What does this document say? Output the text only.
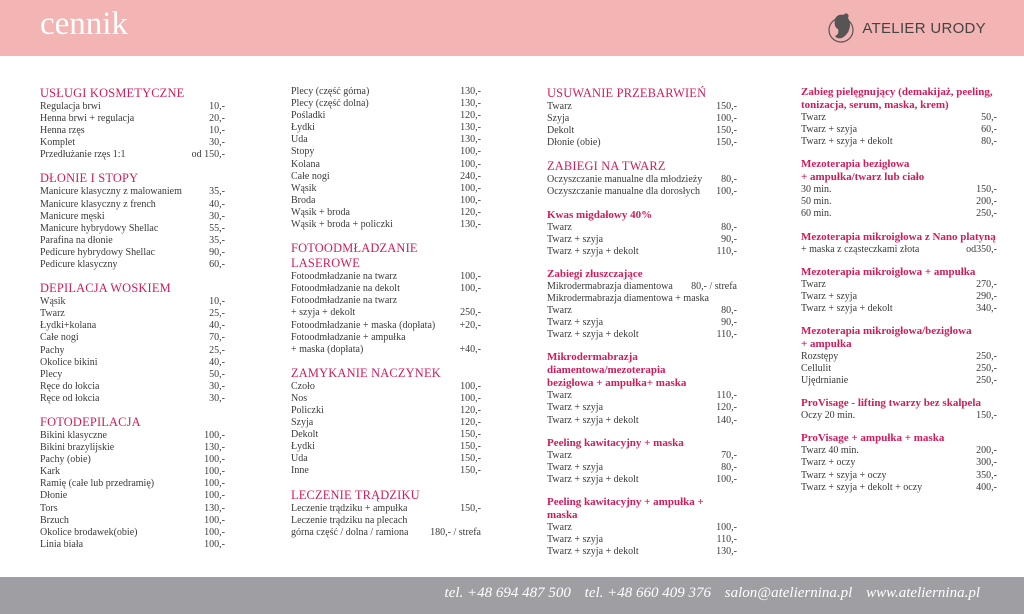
cennik	ATELIER URODY
USŁUGI KOSMETYCZNE
Regulacja brwi	10,-
Henna brwi + regulacja	20,-
Henna rzęs	10,-
Komplet	30,-
Przedłużanie rzęs 1:1	od 150,-
DŁONIE I STOPY
Manicure klasyczny z malowaniem	35,-
Manicure klasyczny z french	40,-
Manicure męski	30,-
Manicure hybrydowy Shellac	55,-
Parafina na dłonie	35,-
Pedicure hybrydowy Shellac	90,-
Pedicure klasyczny	60,-
DEPILACJA WOSKIEM
Wąsik	10,-
Twarz	25,-
Łydki+kolana	40,-
Całe nogi	70,-
Pachy	25,-
Okolice bikini	40,-
Plecy	50,-
Ręce do łokcia	30,-
Ręce od łokcia	30,-
FOTODEPILACJA
Bikini klasyczne	100,-
Bikini brazylijskie	130,-
Pachy (obie)	100,-
Kark	100,-
Ramię (całe lub przedramię)	100,-
Dłonie	100,-
Tors	130,-
Brzuch	100,-
Okolice brodawek(obie)	100,-
Linia biała	100,-
Plecy (część górna)	130,-
Plecy (część dolna)	130,-
Pośladki	120,-
Łydki	130,-
Uda	130,-
Stopy	100,-
Kolana	100,-
Całe nogi	240,-
Wąsik	100,-
Broda	100,-
Wąsik + broda	120,-
Wąsik + broda + policzki	130,-
FOTOODMŁADZANIE LASEROWE
Fotoodmładzanie na twarz	100,-
Fotoodmładzanie na dekolt	100,-
Fotoodmładzanie na twarz
+ szyja + dekolt	250,-
Fotoodmładzanie + maska (dopłata) +20,-
Fotoodmładzanie + ampułka
+ maska (dopłata)	+40,-
ZAMYKANIE NACZYNEK
Czoło	100,-
Nos	100,-
Policzki	120,-
Szyja	120,-
Dekolt	150,-
Łydki	150,-
Uda	150,-
Inne	150,-
LECZENIE TRĄDZIKU
Leczenie trądziku + ampułka	150,-
Leczenie trądziku na plecach
górna część / dolna / ramiona 180,- / strefa
USUWANIE PRZEBARWIEŃ
Twarz	150,-
Szyja	100,-
Dekolt	150,-
Dłonie (obie)	150,-
ZABIEGI NA TWARZ
Oczyszczanie manualne dla młodzieży 80,-
Oczyszczanie manualne dla dorosłych 100,-
Kwas migdałowy 40%
Twarz	80,-
Twarz + szyja	90,-
Twarz + szyja + dekolt	110,-
Zabiegi złuszczające
Mikrodermabrazja diamentowa 80,- / strefa
Mikrodermabrazja diamentowa + maska
Twarz	80,-
Twarz + szyja	90,-
Twarz + szyja + dekolt	110,-
Mikrodermabrazja
diamentowa/mezoterapia
bezigłowa + ampułka+ maska
Twarz	110,-
Twarz + szyja	120,-
Twarz + szyja + dekolt	140,-
Peeling kawitacyjny + maska
Twarz	70,-
Twarz + szyja	80,-
Twarz + szyja + dekolt	100,-
Peeling kawitacyjny + ampułka + maska
Twarz	100,-
Twarz + szyja	110,-
Twarz + szyja + dekolt	130,-
Zabieg pielęgnujący (demakijaż, peeling,
tonizacja, serum, maska, krem)
Twarz	50,-
Twarz + szyja	60,-
Twarz + szyja + dekolt	80,-
Mezoterapia bezigłowa
+ ampułka/twarz lub ciało
30 min.	150,-
50 min.	200,-
60 min.	250,-
Mezoterapia mikroigłowa z Nano platyną
+ maska z cząsteczkami złota	od350,-
Mezoterapia mikroigłowa + ampułka
Twarz	270,-
Twarz + szyja	290,-
Twarz + szyja + dekolt	340,-
Mezoterapia mikroigłowa/bezigłowa
+ ampułka
Rozstępy	250,-
Cellulit	250,-
Ujędrnianie	250,-
ProVisage - lifting twarzy bez skalpela
Oczy 20 min.	150,-
ProVisage + ampułka + maska
Twarz 40 min.	200,-
Twarz + oczy	300,-
Twarz + szyja + oczy	350,-
Twarz + szyja + dekolt + oczy	400,-
tel. +48 694 487 500 tel. +48 660 409 376 salon@ateliernina.pl www.ateliernina.pl
